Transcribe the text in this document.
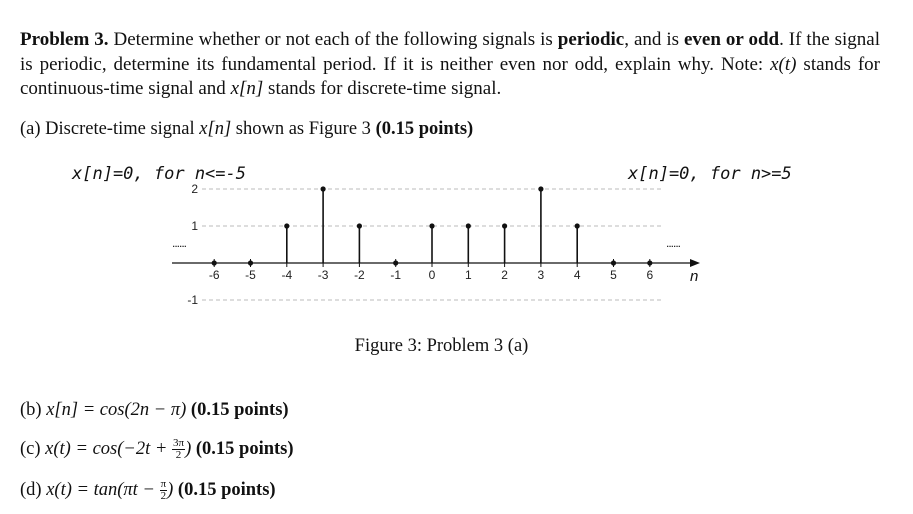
Problem 3. Determine whether or not each of the following signals is periodic, and is even or odd. If the signal is periodic, determine its fundamental period. If it is neither even nor odd, explain why. Note: x(t) stands for continuous-time signal and x[n] stands for discrete-time signal.
(a) Discrete-time signal x[n] shown as Figure 3 (0.15 points)
x[n]=0, for n<=-5	x[n]=0, for n>=5
2
1
-1
n
......	......
-6 -5 -4 -3 -2 -1 0 1 2 3 4 5 6
Figure 3: Problem 3 (a)
(b) x[n] = cos(2n − π) (0.15 points)
(c) $x(t) = \cos(-2t + \frac{3\pi}{2}$ ) (0.15 points)
(d) $x(t) = \tan(\pi t - \frac{\pi}{2}$ ) (0.15 points)
